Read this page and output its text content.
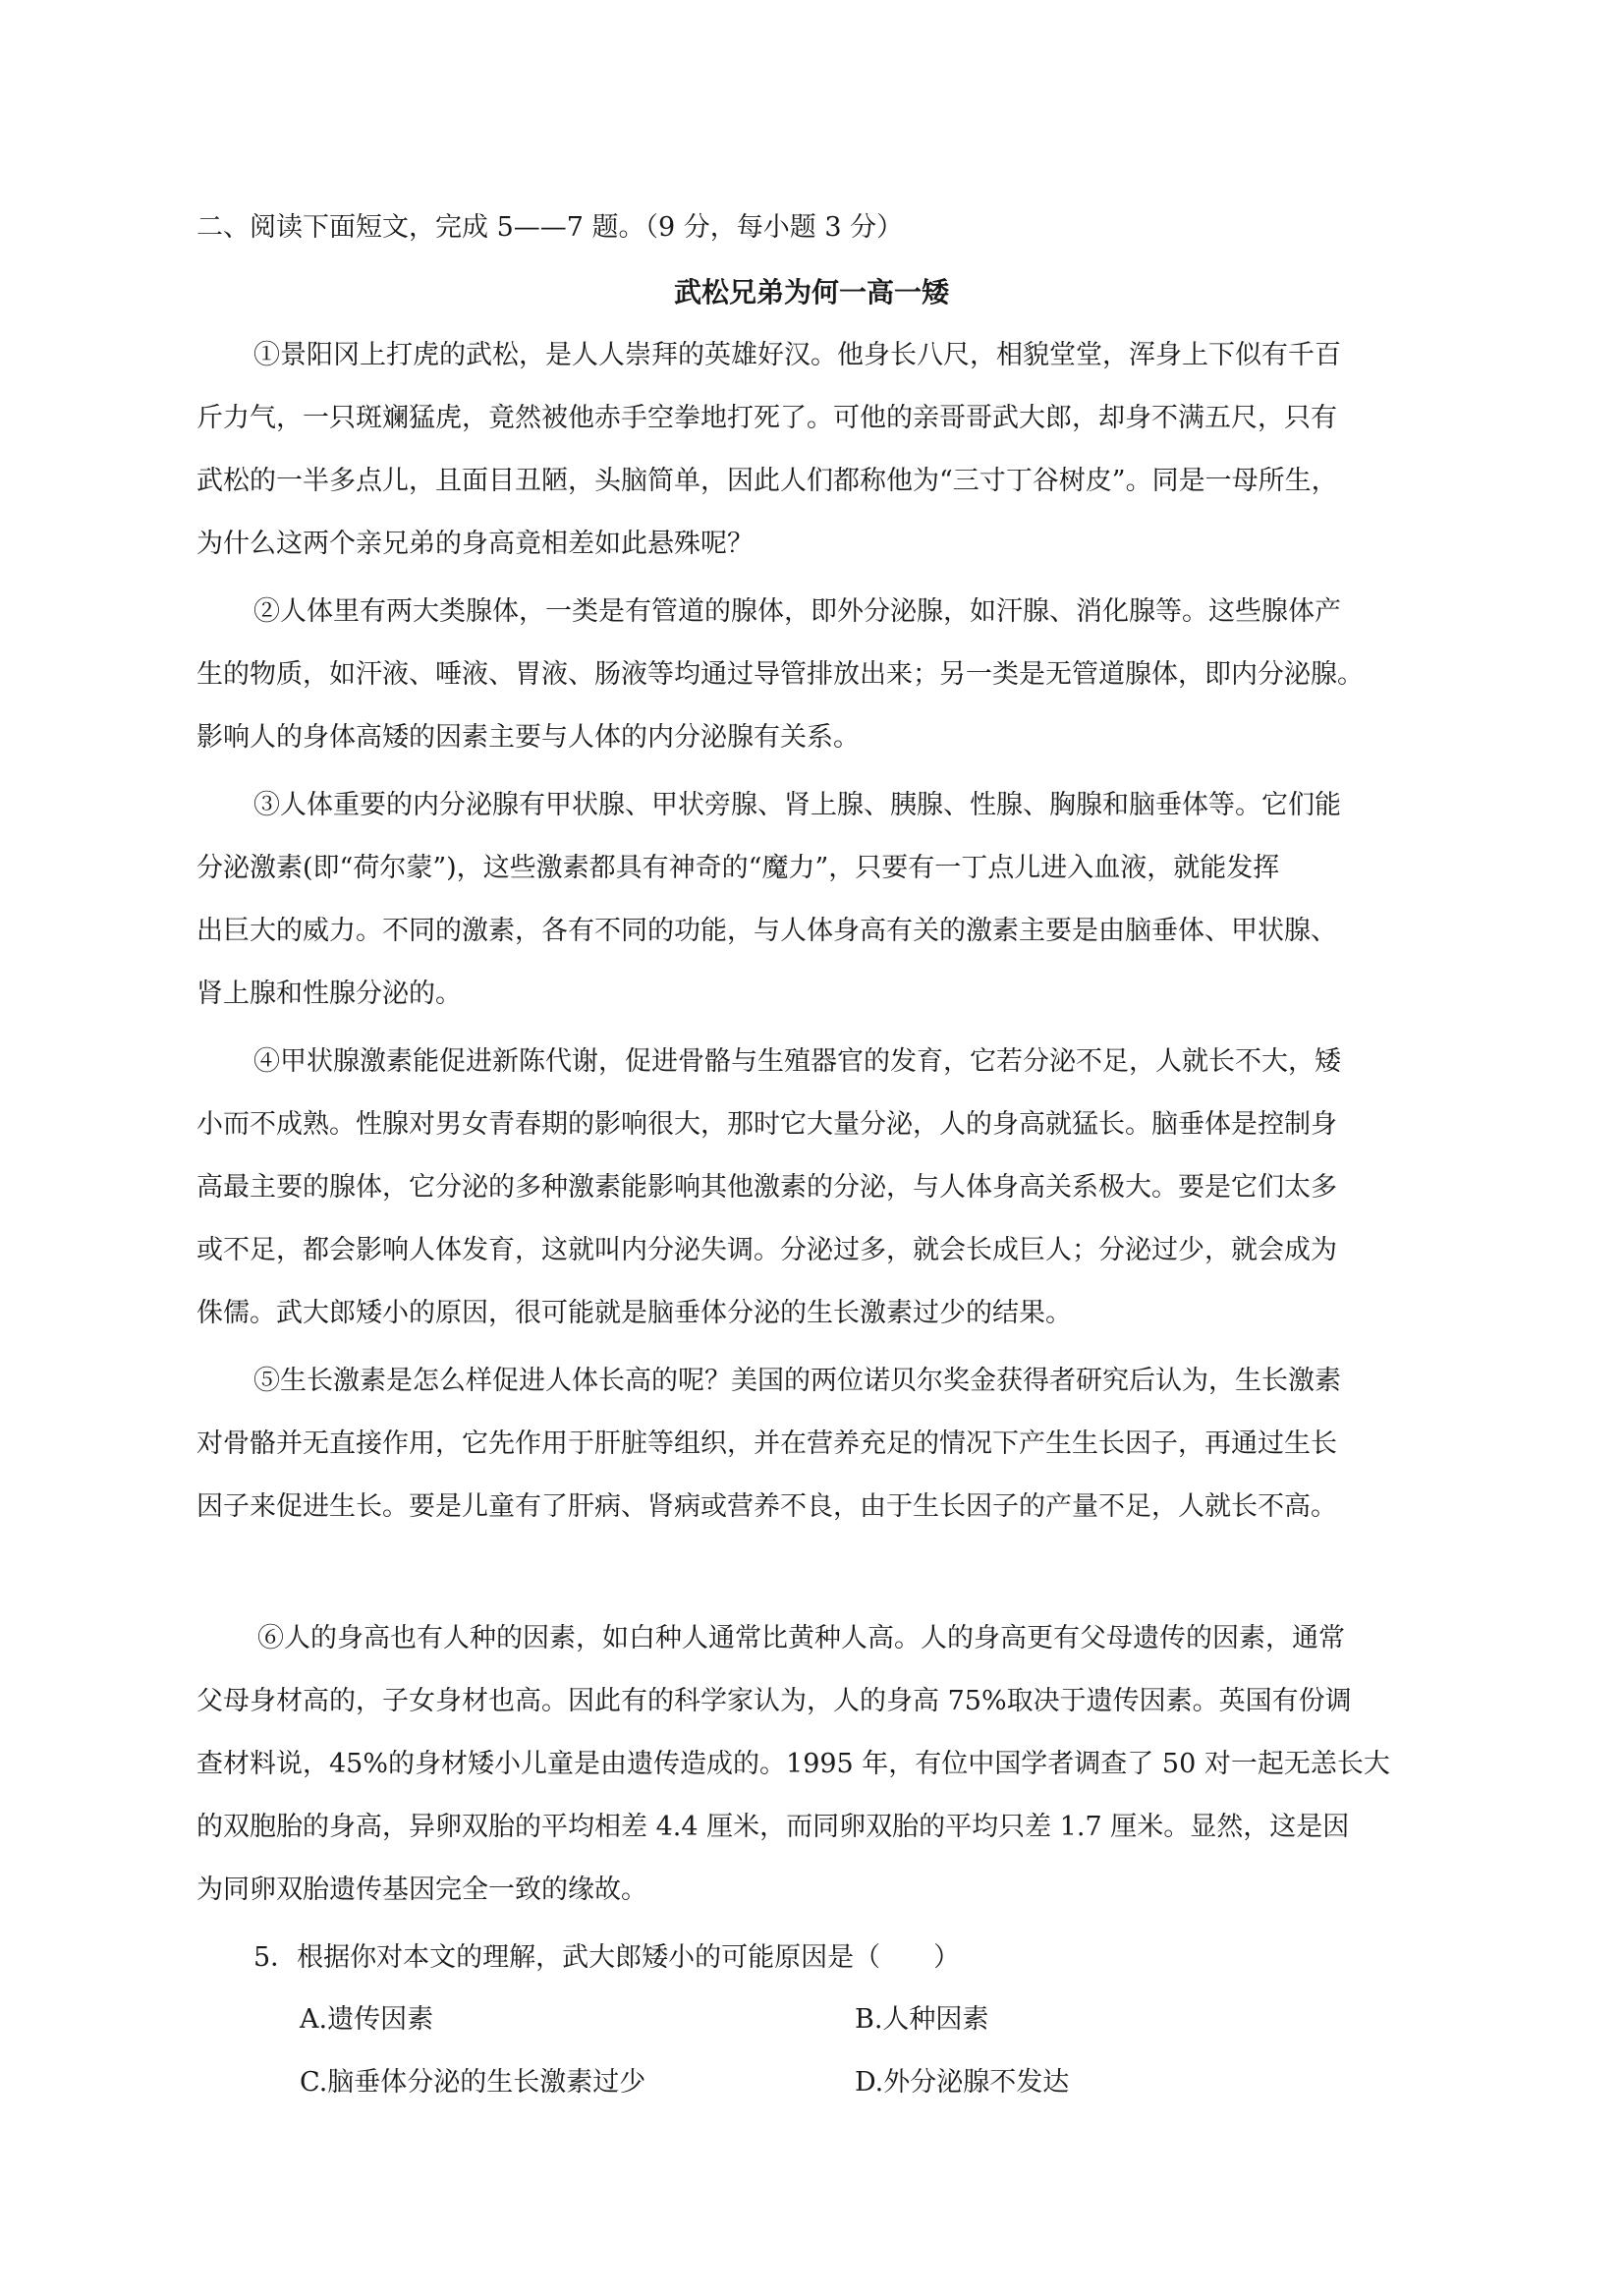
二、阅读下面短文，完成 5——7 题。（9 分，每小题 3 分）
武松兄弟为何一高一矮
①景阳冈上打虎的武松，是人人崇拜的英雄好汉。他身长八尺，相貌堂堂，浑身上下似有千百
斤力气，一只斑斓猛虎，竟然被他赤手空拳地打死了。可他的亲哥哥武大郎，却身不满五尺，只有
武松的一半多点儿，且面目丑陋，头脑简单，因此人们都称他为“三寸丁谷树皮”。同是一母所生，
为什么这两个亲兄弟的身高竟相差如此悬殊呢？
②人体里有两大类腺体，一类是有管道的腺体，即外分泌腺，如汗腺、消化腺等。这些腺体产
生的物质，如汗液、唾液、胃液、肠液等均通过导管排放出来；另一类是无管道腺体，即内分泌腺。
影响人的身体高矮的因素主要与人体的内分泌腺有关系。
③人体重要的内分泌腺有甲状腺、甲状旁腺、肾上腺、胰腺、性腺、胸腺和脑垂体等。它们能
分泌激素(即“荷尔蒙”)，这些激素都具有神奇的“魔力”，只要有一丁点儿进入血液，就能发挥
出巨大的威力。不同的激素，各有不同的功能，与人体身高有关的激素主要是由脑垂体、甲状腺、
肾上腺和性腺分泌的。
④甲状腺激素能促进新陈代谢，促进骨骼与生殖器官的发育，它若分泌不足，人就长不大，矮
小而不成熟。性腺对男女青春期的影响很大，那时它大量分泌，人的身高就猛长。脑垂体是控制身
高最主要的腺体，它分泌的多种激素能影响其他激素的分泌，与人体身高关系极大。要是它们太多
或不足，都会影响人体发育，这就叫内分泌失调。分泌过多，就会长成巨人；分泌过少，就会成为
侏儒。武大郎矮小的原因，很可能就是脑垂体分泌的生长激素过少的结果。
⑤生长激素是怎么样促进人体长高的呢？美国的两位诺贝尔奖金获得者研究后认为，生长激素
对骨骼并无直接作用，它先作用于肝脏等组织，并在营养充足的情况下产生生长因子，再通过生长
因子来促进生长。要是儿童有了肝病、肾病或营养不良，由于生长因子的产量不足，人就长不高。
⑥人的身高也有人种的因素，如白种人通常比黄种人高。人的身高更有父母遗传的因素，通常
父母身材高的，子女身材也高。因此有的科学家认为，人的身高 75%取决于遗传因素。英国有份调
查材料说，45%的身材矮小儿童是由遗传造成的。1995 年，有位中国学者调查了 50 对一起无恙长大
的双胞胎的身高，异卵双胎的平均相差 4.4 厘米，而同卵双胎的平均只差 1.7 厘米。显然，这是因
为同卵双胎遗传基因完全一致的缘故。
5．根据你对本文的理解，武大郎矮小的可能原因是（　　）
A.遗传因素	B.人种因素
C.脑垂体分泌的生长激素过少	D.外分泌腺不发达
